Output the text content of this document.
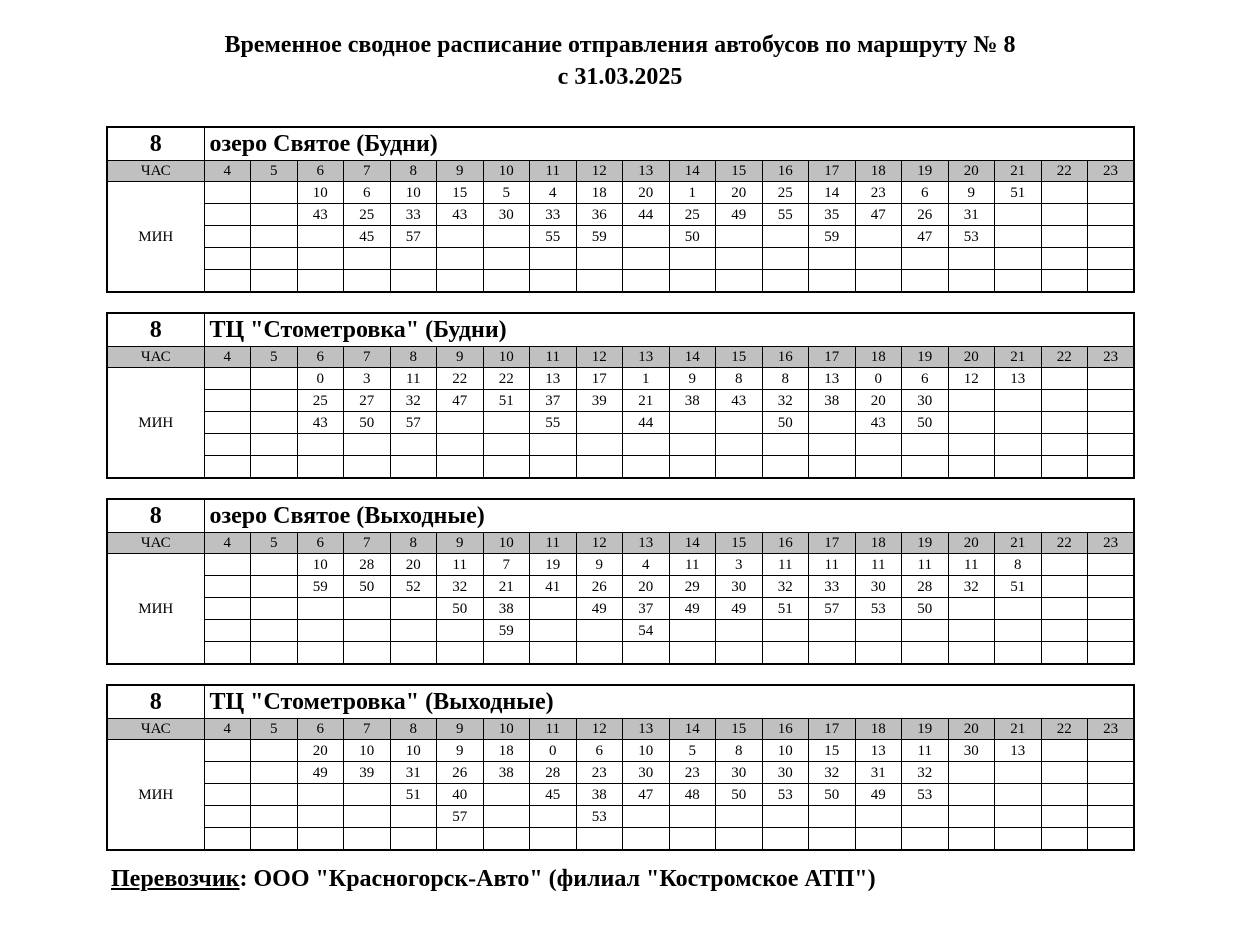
Временное сводное расписание отправления автобусов по маршруту № 8
с 31.03.2025
8	озеро Святое (Будни)																			
ЧАС	4	5	6	7	8	9	10	11	12	13	14	15	16	17	18	19	20	21	22	23
МИН			10	6	10	15	5	4	18	20	1	20	25	14	23	6	9	51		
			43	25	33	43	30	33	36	44	25	49	55	35	47	26	31			
				45	57			55	59		50			59		47	53			

8	ТЦ "Стометровка" (Будни)																			
ЧАС	4	5	6	7	8	9	10	11	12	13	14	15	16	17	18	19	20	21	22	23
МИН			0	3	11	22	22	13	17	1	9	8	8	13	0	6	12	13		
			25	27	32	47	51	37	39	21	38	43	32	38	20	30				
			43	50	57			55		44			50		43	50				

8	озеро Святое (Выходные)																			
ЧАС	4	5	6	7	8	9	10	11	12	13	14	15	16	17	18	19	20	21	22	23
МИН			10	28	20	11	7	19	9	4	11	3	11	11	11	11	11	8		
			59	50	52	32	21	41	26	20	29	30	32	33	30	28	32	51		
						50	38		49	37	49	49	51	57	53	50				
							59			54										

8	ТЦ "Стометровка" (Выходные)																			
ЧАС	4	5	6	7	8	9	10	11	12	13	14	15	16	17	18	19	20	21	22	23
МИН			20	10	10	9	18	0	6	10	5	8	10	15	13	11	30	13		
			49	39	31	26	38	28	23	30	23	30	30	32	31	32				
					51	40		45	38	47	48	50	53	50	49	53				
						57			53											

Перевозчик: ООО "Красногорск-Авто" (филиал "Костромское АТП")
